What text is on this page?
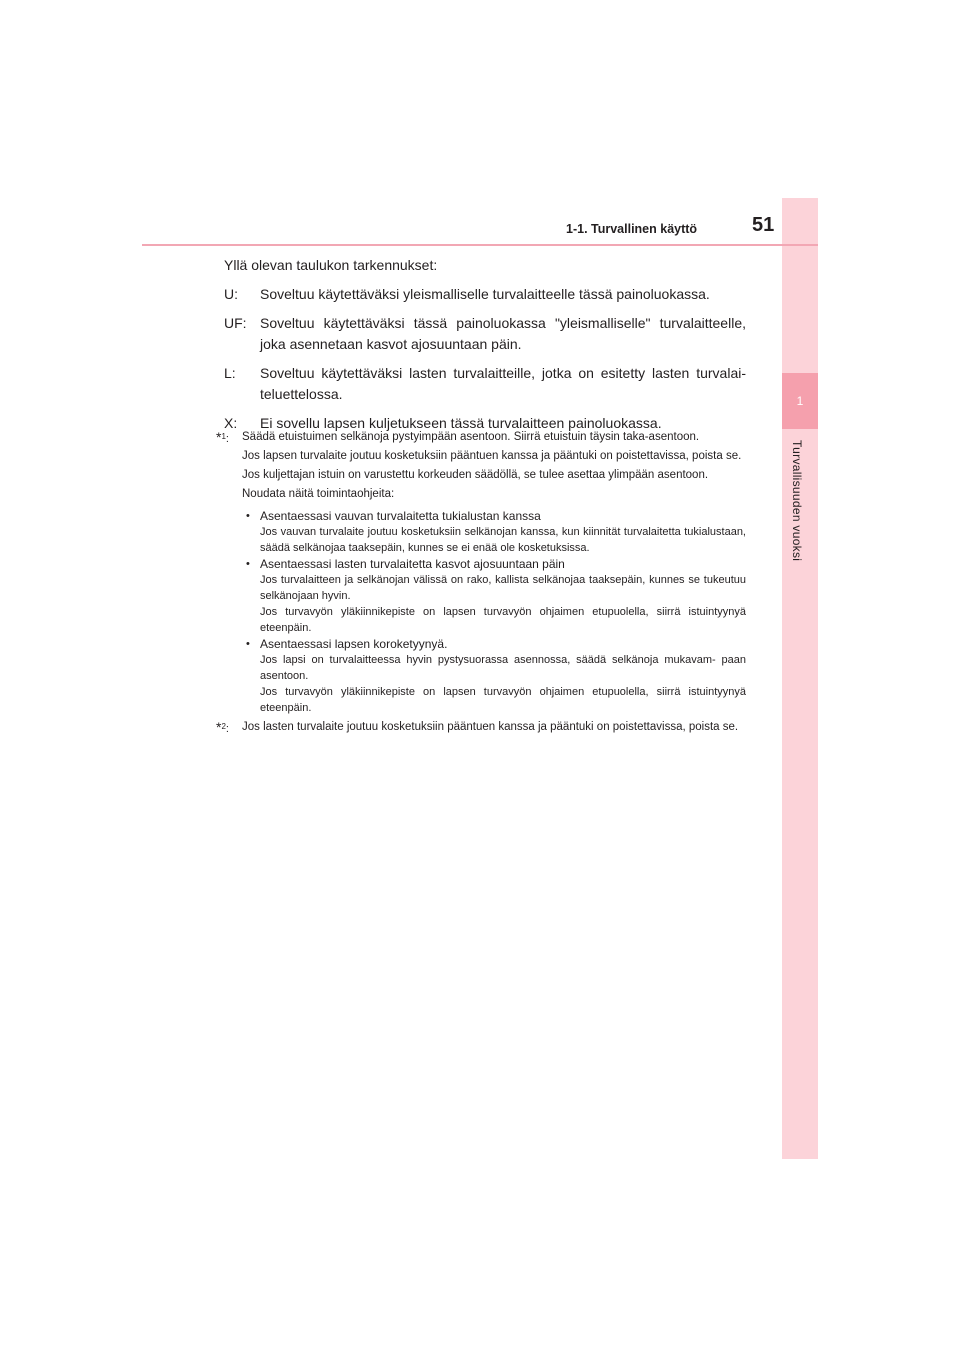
1
Turvallisuuden vuoksi
1-1. Turvallinen käyttö	51

Yllä olevan taulukon tarkennukset:

U:	Soveltuu käytettäväksi yleismalliselle turvalaitteelle tässä painoluokassa.
UF: Soveltuu käytettäväksi tässä painoluokassa "yleismalliselle" turvalaitteelle, joka asennetaan kasvot ajosuuntaan päin.
L:	Soveltuu käytettäväksi lasten turvalaitteille, jotka on esitetty lasten turvalai- teluettelossa.
X:	Ei sovellu lapsen kuljetukseen tässä turvalaitteen painoluokassa.
*$^1$:	Säädä etuistuimen selkänoja pystyimpään asentoon. Siirrä etuistuin täysin taka-asentoon.

Jos lapsen turvalaite joutuu kosketuksiin pääntuen kanssa ja pääntuki on poistettavissa, poista se.

Jos kuljettajan istuin on varustettu korkeuden säädöllä, se tulee asettaa ylimpään asentoon.

Noudata näitä toimintaohjeita:

• Asentaessasi vauvan turvalaitetta tukialustan kanssa
Jos vauvan turvalaite joutuu kosketuksiin selkänojan kanssa, kun kiinnität turvalaitetta tukialustaan, säädä selkänojaa taaksepäin, kunnes se ei enää ole kosketuksissa.
• Asentaessasi lasten turvalaitetta kasvot ajosuuntaan päin
Jos turvalaitteen ja selkänojan välissä on rako, kallista selkänojaa taaksepäin, kunnes se tukeutuu selkänojaan hyvin.
Jos turvavyön yläkiinnikepiste on lapsen turvavyön ohjaimen etupuolella, siirrä istuintyynyä eteenpäin.
• Asentaessasi lapsen koroketyynyä.
Jos lapsi on turvalaitteessa hyvin pystysuorassa asennossa, säädä selkänoja mukavam- paan asentoon.
Jos turvavyön yläkiinnikepiste on lapsen turvavyön ohjaimen etupuolella, siirrä istuintyynyä eteenpäin.
*$^2$:	Jos lasten turvalaite joutuu kosketuksiin pääntuen kanssa ja pääntuki on poistettavissa, poista se.
